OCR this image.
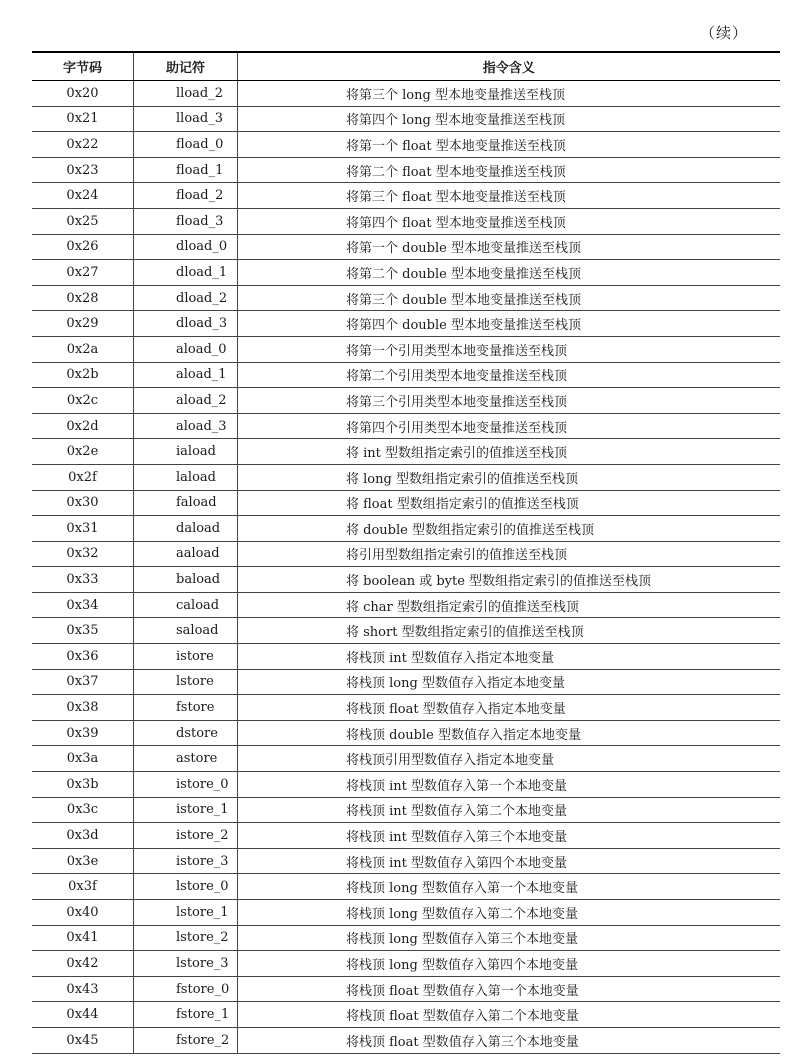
（续）
字节码	助记符	指令含义
0x20	lload_2	将第三个 long 型本地变量推送至栈顶
0x21	lload_3	将第四个 long 型本地变量推送至栈顶
0x22	fload_0	将第一个 float 型本地变量推送至栈顶
0x23	fload_1	将第二个 float 型本地变量推送至栈顶
0x24	fload_2	将第三个 float 型本地变量推送至栈顶
0x25	fload_3	将第四个 float 型本地变量推送至栈顶
0x26	dload_0	将第一个 double 型本地变量推送至栈顶
0x27	dload_1	将第二个 double 型本地变量推送至栈顶
0x28	dload_2	将第三个 double 型本地变量推送至栈顶
0x29	dload_3	将第四个 double 型本地变量推送至栈顶
0x2a	aload_0	将第一个引用类型本地变量推送至栈顶
0x2b	aload_1	将第二个引用类型本地变量推送至栈顶
0x2c	aload_2	将第三个引用类型本地变量推送至栈顶
0x2d	aload_3	将第四个引用类型本地变量推送至栈顶
0x2e	iaload	将 int 型数组指定索引的值推送至栈顶
0x2f	laload	将 long 型数组指定索引的值推送至栈顶
0x30	faload	将 float 型数组指定索引的值推送至栈顶
0x31	daload	将 double 型数组指定索引的值推送至栈顶
0x32	aaload	将引用型数组指定索引的值推送至栈顶
0x33	baload	将 boolean 或 byte 型数组指定索引的值推送至栈顶
0x34	caload	将 char 型数组指定索引的值推送至栈顶
0x35	saload	将 short 型数组指定索引的值推送至栈顶
0x36	istore	将栈顶 int 型数值存入指定本地变量
0x37	lstore	将栈顶 long 型数值存入指定本地变量
0x38	fstore	将栈顶 float 型数值存入指定本地变量
0x39	dstore	将栈顶 double 型数值存入指定本地变量
0x3a	astore	将栈顶引用型数值存入指定本地变量
0x3b	istore_0	将栈顶 int 型数值存入第一个本地变量
0x3c	istore_1	将栈顶 int 型数值存入第二个本地变量
0x3d	istore_2	将栈顶 int 型数值存入第三个本地变量
0x3e	istore_3	将栈顶 int 型数值存入第四个本地变量
0x3f	lstore_0	将栈顶 long 型数值存入第一个本地变量
0x40	lstore_1	将栈顶 long 型数值存入第二个本地变量
0x41	lstore_2	将栈顶 long 型数值存入第三个本地变量
0x42	lstore_3	将栈顶 long 型数值存入第四个本地变量
0x43	fstore_0	将栈顶 float 型数值存入第一个本地变量
0x44	fstore_1	将栈顶 float 型数值存入第二个本地变量
0x45	fstore_2	将栈顶 float 型数值存入第三个本地变量
